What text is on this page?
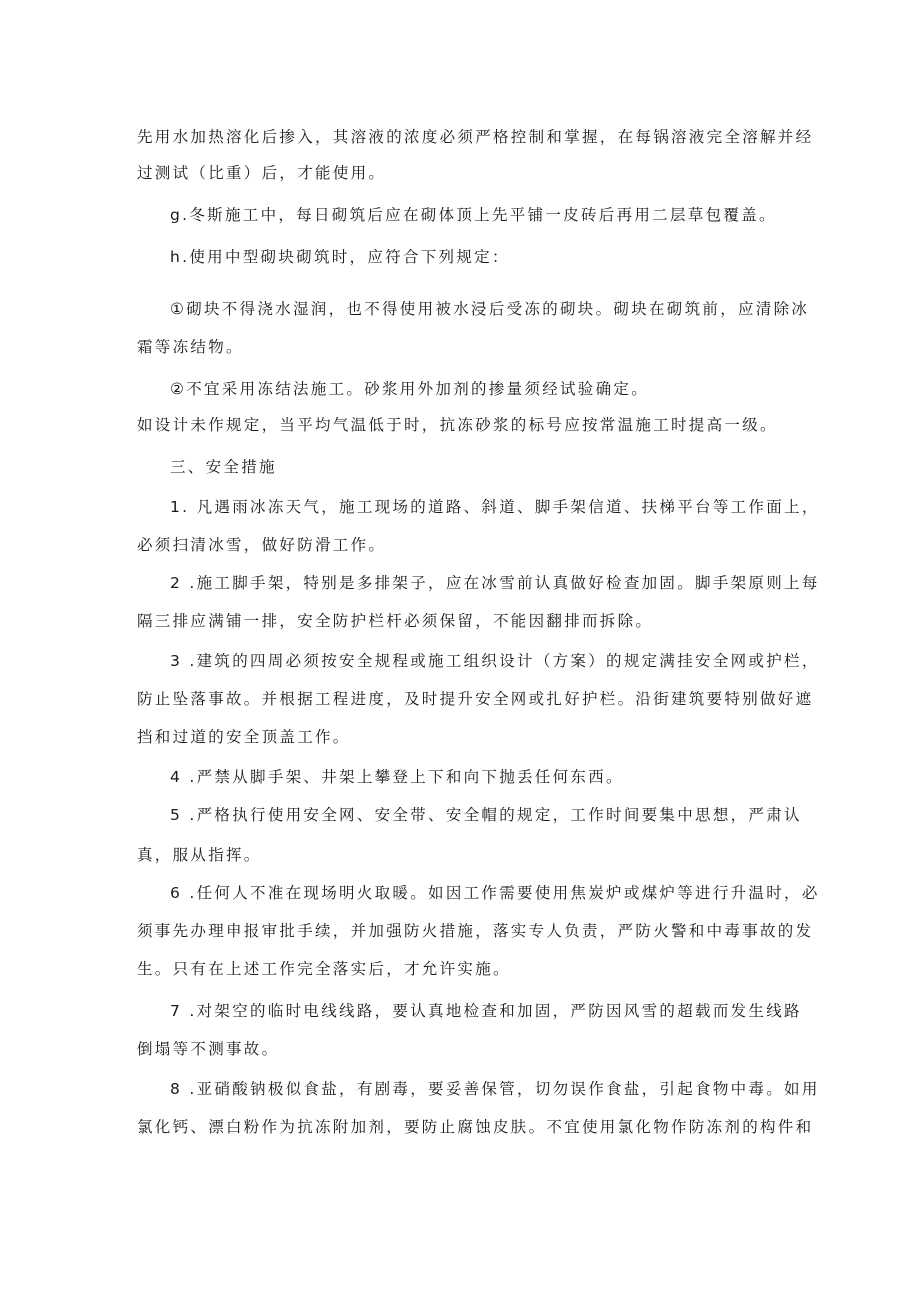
先用水加热溶化后掺入，其溶液的浓度必须严格控制和掌握，在每锅溶液完全溶解并经
过测试（比重）后，才能使用。
g.冬斯施工中，每日砌筑后应在砌体顶上先平铺一皮砖后再用二层草包覆盖。
h.使用中型砌块砌筑时，应符合下列规定：
①砌块不得浇水湿润，也不得使用被水浸后受冻的砌块。砌块在砌筑前，应清除冰
霜等冻结物。
②不宜采用冻结法施工。砂浆用外加剂的掺量须经试验确定。
如设计未作规定，当平均气温低于时，抗冻砂浆的标号应按常温施工时提高一级。
三、安全措施
1. 凡遇雨冰冻天气，施工现场的道路、斜道、脚手架信道、扶梯平台等工作面上，
必须扫清冰雪，做好防滑工作。
2 .施工脚手架，特别是多排架子，应在冰雪前认真做好检查加固。脚手架原则上每
隔三排应满铺一排，安全防护栏杆必须保留，不能因翻排而拆除。
3 .建筑的四周必须按安全规程或施工组织设计（方案）的规定满挂安全网或护栏，
防止坠落事故。并根据工程进度，及时提升安全网或扎好护栏。沿街建筑要特别做好遮
挡和过道的安全顶盖工作。
4 .严禁从脚手架、井架上攀登上下和向下抛丢任何东西。
5 .严格执行使用安全网、安全带、安全帽的规定，工作时间要集中思想，严肃认
真，服从指挥。
6 .任何人不准在现场明火取暖。如因工作需要使用焦炭炉或煤炉等进行升温时，必
须事先办理申报审批手续，并加强防火措施，落实专人负责，严防火警和中毒事故的发
生。只有在上述工作完全落实后，才允许实施。
7 .对架空的临时电线线路，要认真地检查和加固，严防因风雪的超载而发生线路
倒塌等不测事故。
8 .亚硝酸钠极似食盐，有剧毒，要妥善保管，切勿误作食盐，引起食物中毒。如用
氯化钙、漂白粉作为抗冻附加剂，要防止腐蚀皮肤。不宜使用氯化物作防冻剂的构件和
